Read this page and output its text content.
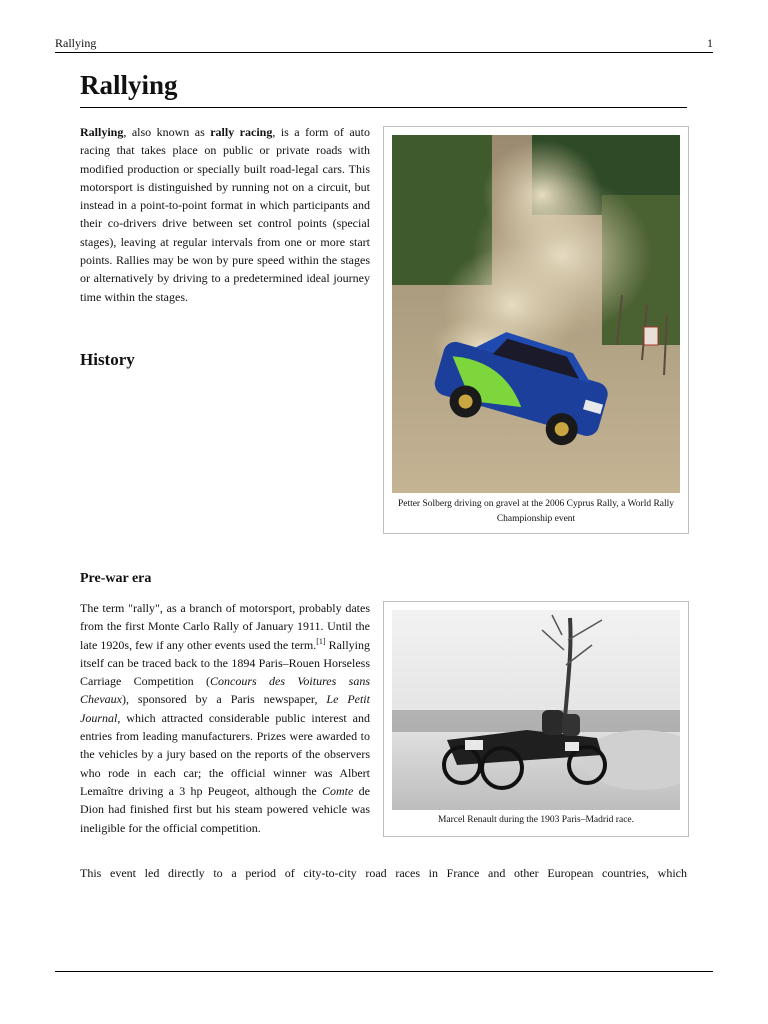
Rallying	1
Rallying

Rallying, also known as rally racing, is a form of auto racing that takes place on public or private roads with modified production or specially built road-legal cars. This motorsport is distinguished by running not on a circuit, but instead in a point-to-point format in which participants and their co-drivers drive between set control points (special stages), leaving at regular intervals from one or more start points. Rallies may be won by pure speed within the stages or alternatively by driving to a predetermined ideal journey time within the stages.

History

Petter Solberg driving on gravel at the 2006 Cyprus Rally, a World Rally Championship event

Pre-war era

The term "rally", as a branch of motorsport, probably dates from the first Monte Carlo Rally of January 1911. Until the late 1920s, few if any other events used the term.[1] Rallying itself can be traced back to the 1894 Paris–Rouen Horseless Carriage Competition (Concours des Voitures sans Chevaux), sponsored by a Paris newspaper, Le Petit Journal, which attracted considerable public interest and entries from leading manufacturers. Prizes were awarded to the vehicles by a jury based on the reports of the observers who rode in each car; the official winner was Albert Lemaître driving a 3 hp Peugeot, although the Comte de Dion had finished first but his steam powered vehicle was ineligible for the official competition.

Marcel Renault during the 1903 Paris–Madrid race.

This event led directly to a period of city-to-city road races in France and other European countries, which
